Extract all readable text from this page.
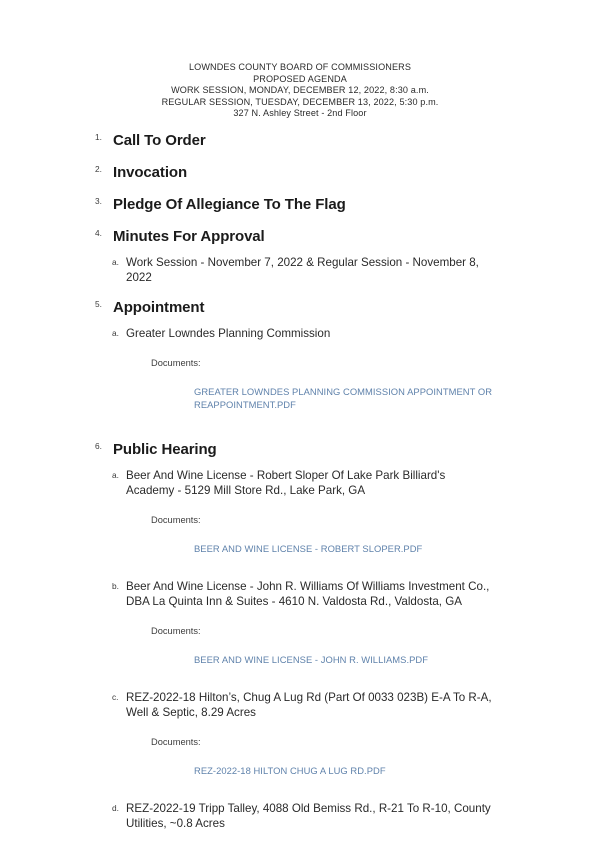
LOWNDES COUNTY BOARD OF COMMISSIONERS
PROPOSED AGENDA
WORK SESSION, MONDAY, DECEMBER 12, 2022, 8:30 a.m.
REGULAR SESSION, TUESDAY, DECEMBER 13, 2022, 5:30 p.m.
327 N. Ashley Street - 2nd Floor
1. Call To Order
2. Invocation
3. Pledge Of Allegiance To The Flag
4. Minutes For Approval
a. Work Session - November 7, 2022 & Regular Session - November 8, 2022
5. Appointment
a. Greater Lowndes Planning Commission
Documents:
GREATER LOWNDES PLANNING COMMISSION APPOINTMENT OR REAPPOINTMENT.PDF
6. Public Hearing
a. Beer And Wine License - Robert Sloper Of Lake Park Billiard's Academy - 5129 Mill Store Rd., Lake Park, GA
Documents:
BEER AND WINE LICENSE - ROBERT SLOPER.PDF
b. Beer And Wine License - John R. Williams Of Williams Investment Co., DBA La Quinta Inn & Suites - 4610 N. Valdosta Rd., Valdosta, GA
Documents:
BEER AND WINE LICENSE - JOHN R. WILLIAMS.PDF
c. REZ-2022-18 Hilton’s, Chug A Lug Rd (Part Of 0033 023B) E-A To R-A, Well & Septic, 8.29 Acres
Documents:
REZ-2022-18 HILTON CHUG A LUG RD.PDF
d. REZ-2022-19 Tripp Talley, 4088 Old Bemiss Rd., R-21 To R-10, County Utilities, ~0.8 Acres
